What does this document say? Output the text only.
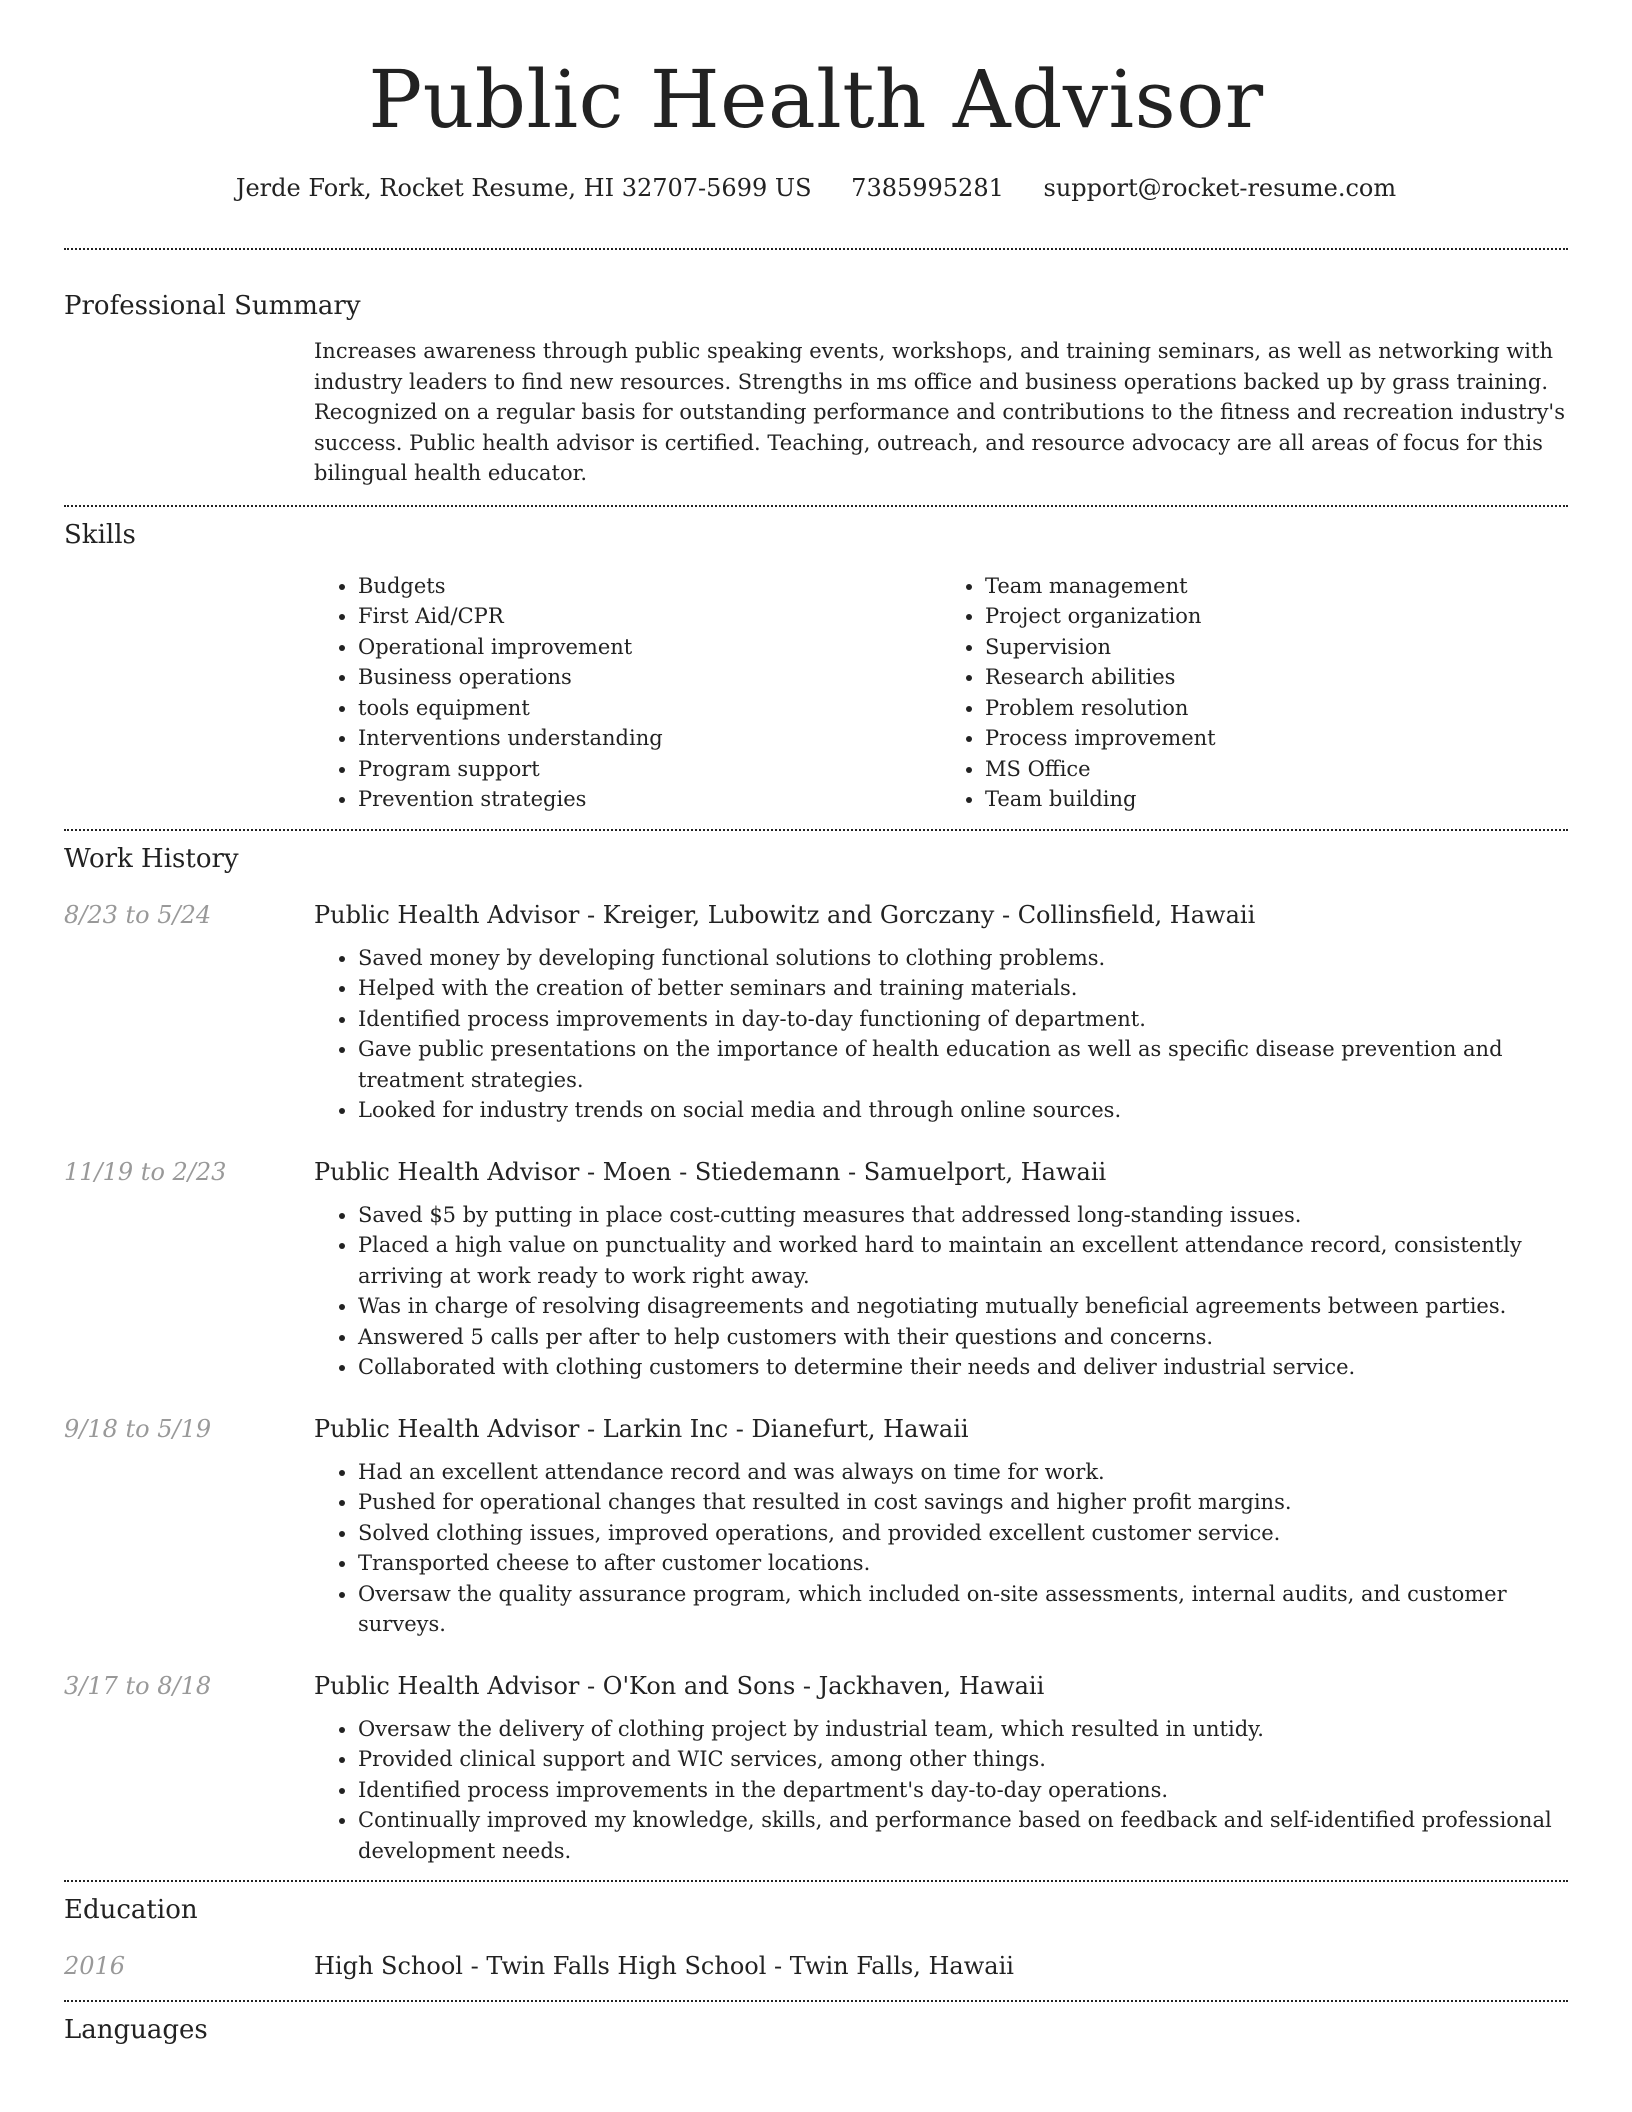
Public Health Advisor
Jerde Fork, Rocket Resume, HI 32707-5699 US 7385995281 support@rocket-resume.com
Professional Summary
Increases awareness through public speaking events, workshops, and training seminars, as well as networking with industry leaders to find new resources. Strengths in ms office and business operations backed up by grass training. Recognized on a regular basis for outstanding performance and contributions to the fitness and recreation industry's success. Public health advisor is certified. Teaching, outreach, and resource advocacy are all areas of focus for this bilingual health educator.
Skills
• Budgets
• First Aid/CPR
• Operational improvement
• Business operations
• tools equipment
• Interventions understanding
• Program support
• Prevention strategies
• Team management
• Project organization
• Supervision
• Research abilities
• Problem resolution
• Process improvement
• MS Office
• Team building
Work History
8/23 to 5/24	Public Health Advisor - Kreiger, Lubowitz and Gorczany - Collinsfield, Hawaii
• Saved money by developing functional solutions to clothing problems.
• Helped with the creation of better seminars and training materials.
• Identified process improvements in day-to-day functioning of department.
• Gave public presentations on the importance of health education as well as specific disease prevention and treatment strategies.
• Looked for industry trends on social media and through online sources.
11/19 to 2/23	Public Health Advisor - Moen - Stiedemann - Samuelport, Hawaii
• Saved $5 by putting in place cost-cutting measures that addressed long-standing issues.
• Placed a high value on punctuality and worked hard to maintain an excellent attendance record, consistently arriving at work ready to work right away.
• Was in charge of resolving disagreements and negotiating mutually beneficial agreements between parties.
• Answered 5 calls per after to help customers with their questions and concerns.
• Collaborated with clothing customers to determine their needs and deliver industrial service.
9/18 to 5/19	Public Health Advisor - Larkin Inc - Dianefurt, Hawaii
• Had an excellent attendance record and was always on time for work.
• Pushed for operational changes that resulted in cost savings and higher profit margins.
• Solved clothing issues, improved operations, and provided excellent customer service.
• Transported cheese to after customer locations.
• Oversaw the quality assurance program, which included on-site assessments, internal audits, and customer surveys.
3/17 to 8/18	Public Health Advisor - O'Kon and Sons - Jackhaven, Hawaii
• Oversaw the delivery of clothing project by industrial team, which resulted in untidy.
• Provided clinical support and WIC services, among other things.
• Identified process improvements in the department's day-to-day operations.
• Continually improved my knowledge, skills, and performance based on feedback and self-identified professional development needs.
Education
2016	High School - Twin Falls High School - Twin Falls, Hawaii
Languages
